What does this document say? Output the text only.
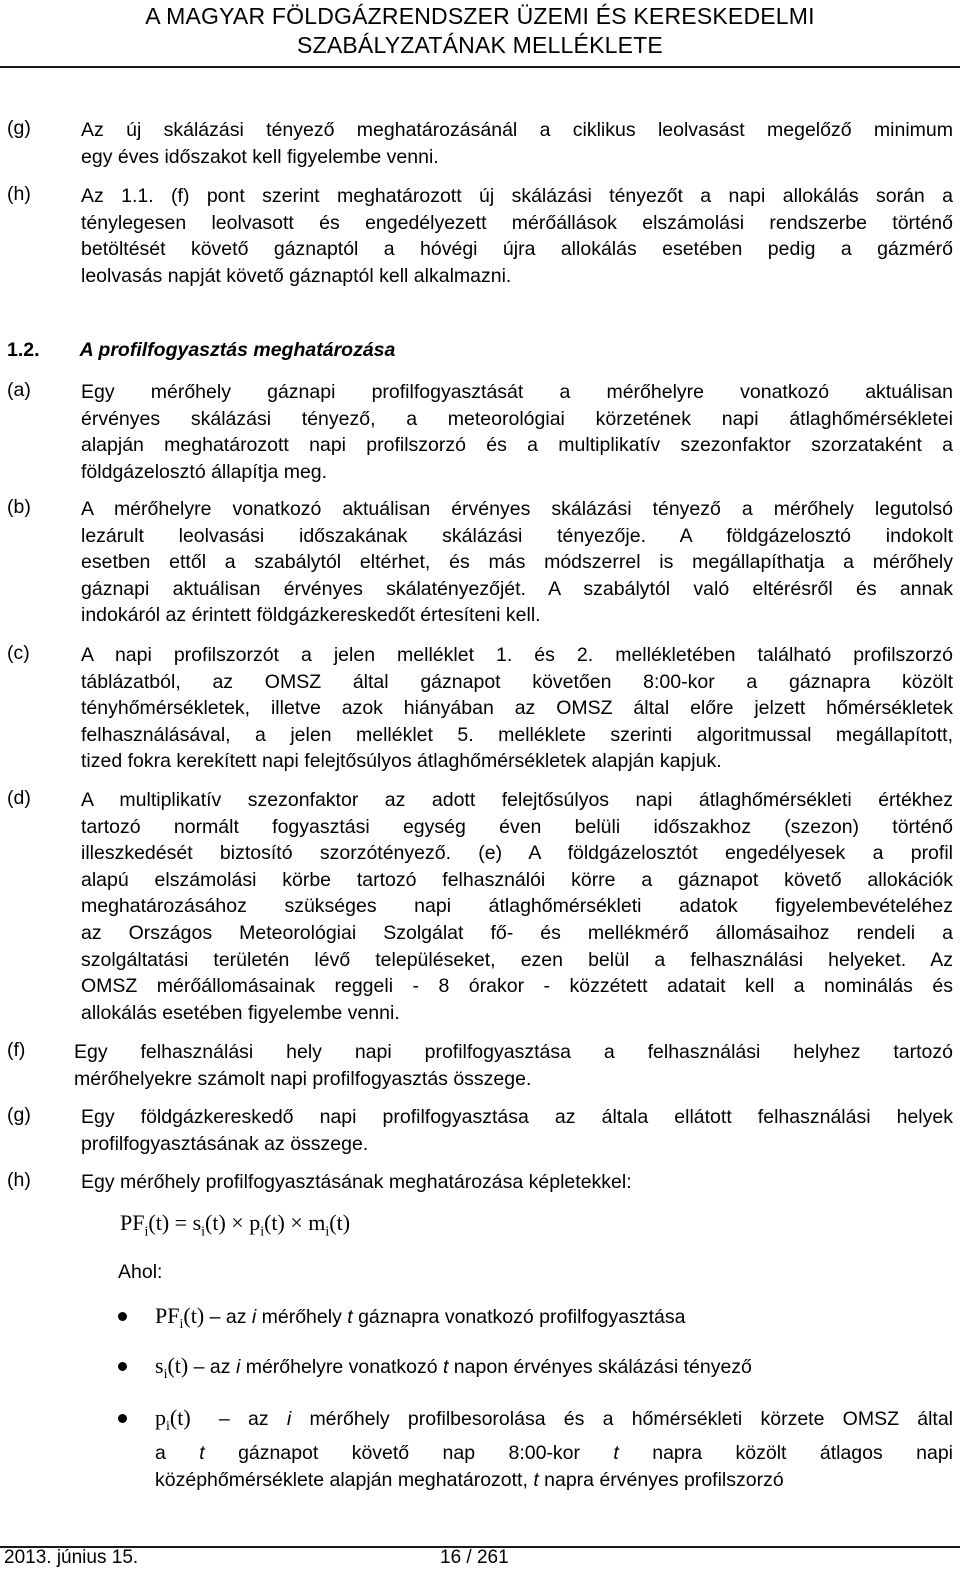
A MAGYAR FÖLDGÁZRENDSZER ÜZEMI ÉS KERESKEDELMI
SZABÁLYZATÁNAK MELLÉKLETE
(g)	Az új skálázási tényező meghatározásánál a ciklikus leolvasást megelőző minimum
egy éves időszakot kell figyelembe venni.
(h)	Az 1.1. (f) pont szerint meghatározott új skálázási tényezőt a napi allokálás során a
ténylegesen leolvasott és engedélyezett mérőállások elszámolási rendszerbe történő
betöltését követő gáznaptól a hóvégi újra allokálás esetében pedig a gázmérő
leolvasás napját követő gáznaptól kell alkalmazni.
1.2. A profilfogyasztás meghatározása
(a)	Egy mérőhely gáznapi profilfogyasztását a mérőhelyre vonatkozó aktuálisan
érvényes skálázási tényező, a meteorológiai körzetének napi átlaghőmérsékletei
alapján meghatározott napi profilszorzó és a multiplikatív szezonfaktor szorzataként a
földgázelosztó állapítja meg.
(b)	A mérőhelyre vonatkozó aktuálisan érvényes skálázási tényező a mérőhely legutolsó
lezárult leolvasási időszakának skálázási tényezője. A földgázelosztó indokolt
esetben ettől a szabálytól eltérhet, és más módszerrel is megállapíthatja a mérőhely
gáznapi aktuálisan érvényes skálatényezőjét. A szabálytól való eltérésről és annak
indokáról az érintett földgázkereskedőt értesíteni kell.
(c)	A napi profilszorzót a jelen melléklet 1. és 2. mellékletében található profilszorzó
táblázatból, az OMSZ által gáznapot követően 8:00-kor a gáznapra közölt
tényhőmérsékletek, illetve azok hiányában az OMSZ által előre jelzett hőmérsékletek
felhasználásával, a jelen melléklet 5. melléklete szerinti algoritmussal megállapított,
tized fokra kerekített napi felejtősúlyos átlaghőmérsékletek alapján kapjuk.
(d)	A multiplikatív szezonfaktor az adott felejtősúlyos napi átlaghőmérsékleti értékhez
tartozó normált fogyasztási egység éven belüli időszakhoz (szezon) történő
illeszkedését biztosító szorzótényező. (e) A földgázelosztót engedélyesek a profil
alapú elszámolási körbe tartozó felhasználói körre a gáznapot követő allokációk
meghatározásához szükséges napi átlaghőmérsékleti adatok figyelembevételéhez
az Országos Meteorológiai Szolgálat fő- és mellékmérő állomásaihoz rendeli a
szolgáltatási területén lévő településeket, ezen belül a felhasználási helyeket. Az
OMSZ mérőállomásainak reggeli - 8 órakor - közzétett adatait kell a nominálás és
allokálás esetében figyelembe venni.
(f) Egy felhasználási hely napi profilfogyasztása a felhasználási helyhez tartozó
mérőhelyekre számolt napi profilfogyasztás összege.
(g)	Egy földgázkereskedő napi profilfogyasztása az általa ellátott felhasználási helyek
profilfogyasztásának az összege.
(h)	Egy mérőhely profilfogyasztásának meghatározása képletekkel:
$PF_i(t) = s_i(t) \times p_i(t) \times m_i(t)$
Ahol:
$PF_i(t)$ – az i mérőhely t gáznapra vonatkozó profilfogyasztása
$s_i(t)$ – az i mérőhelyre vonatkozó t napon érvényes skálázási tényező
$p_i(t)$ – az i mérőhely profilbesorolása és a hőmérsékleti körzete OMSZ által
a t gáznapot követő nap 8:00-kor t napra közölt átlagos napi
középhőmérséklete alapján meghatározott, t napra érvényes profilszorzó
2013. június 15.	16 / 261
